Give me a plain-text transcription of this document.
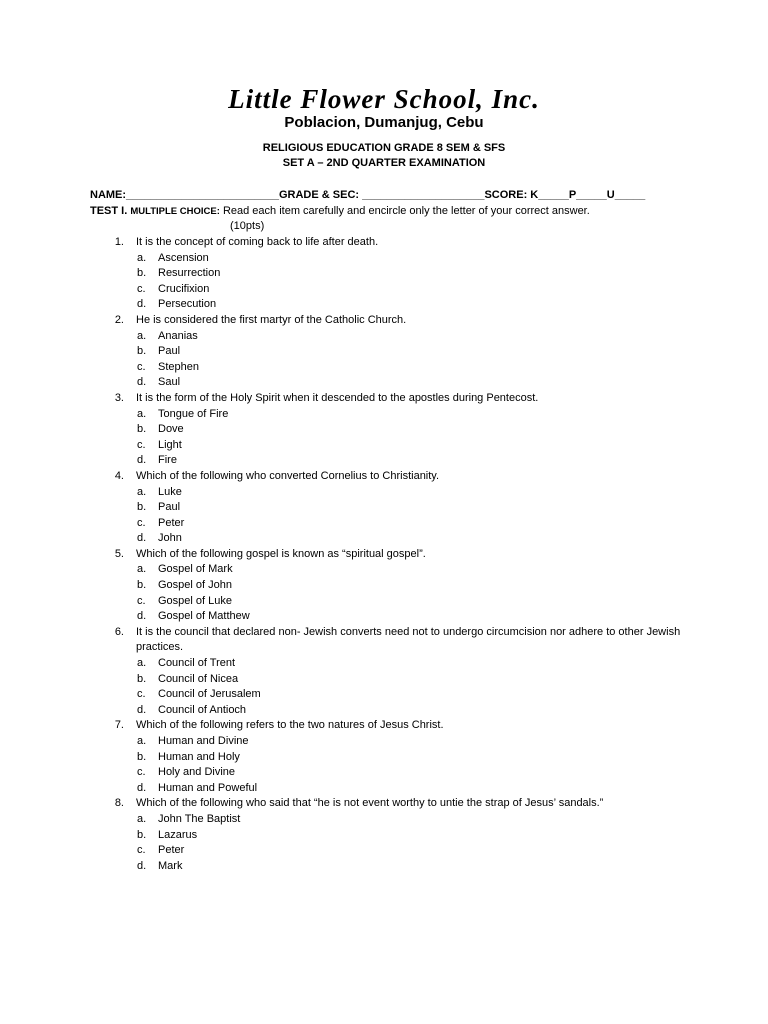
Little Flower School, Inc.
Poblacion, Dumanjug, Cebu
RELIGIOUS EDUCATION GRADE 8 SEM & SFS
SET A – 2ND QUARTER EXAMINATION
NAME:_________________________GRADE & SEC: ____________________SCORE: K_____P_____U_____
TEST I. MULTIPLE CHOICE: Read each item carefully and encircle only the letter of your correct answer.
(10pts)
1. It is the concept of coming back to life after death.
a. Ascension
b. Resurrection
c. Crucifixion
d. Persecution
2. He is considered the first martyr of the Catholic Church.
a. Ananias
b. Paul
c. Stephen
d. Saul
3. It is the form of the Holy Spirit when it descended to the apostles during Pentecost.
a. Tongue of Fire
b. Dove
c. Light
d. Fire
4. Which of the following who converted Cornelius to Christianity.
a. Luke
b. Paul
c. Peter
d. John
5. Which of the following gospel is known as “spiritual gospel”.
a. Gospel of Mark
b. Gospel of John
c. Gospel of Luke
d. Gospel of Matthew
6. It is the council that declared non- Jewish converts need not to undergo circumcision nor adhere to other Jewish practices.
a. Council of Trent
b. Council of Nicea
c. Council of Jerusalem
d. Council of Antioch
7. Which of the following refers to the two natures of Jesus Christ.
a. Human and Divine
b. Human and Holy
c. Holy and Divine
d. Human and Poweful
8. Which of the following who said that “he is not event worthy to untie the strap of Jesus’ sandals.”
a. John The Baptist
b. Lazarus
c. Peter
d. Mark
